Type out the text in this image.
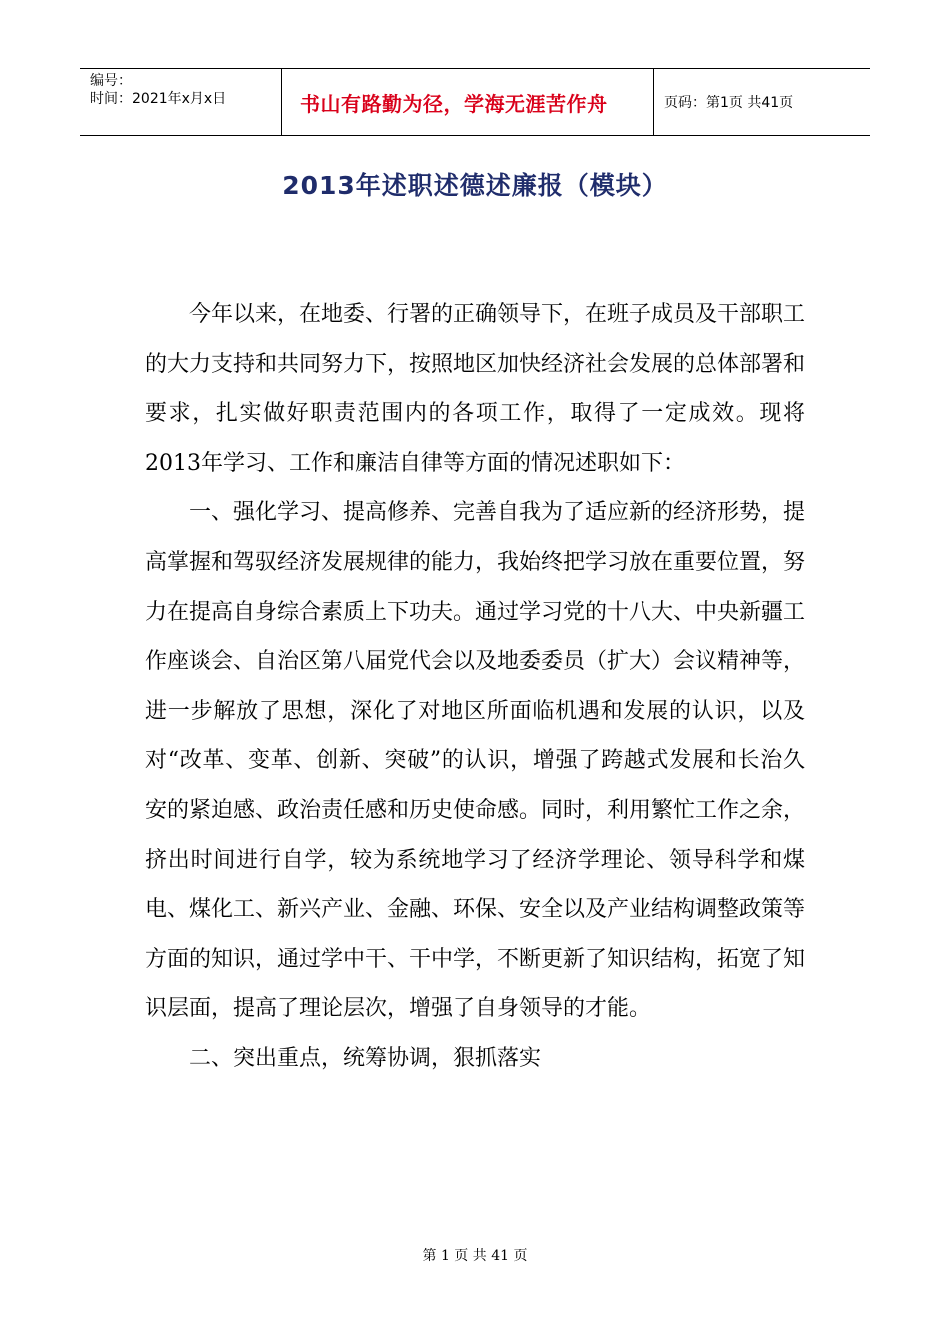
编号：
时间：2021年x月x日	书山有路勤为径，学海无涯苦作舟	页码：第1页 共41页
2013年述职述德述廉报（模块）

今年以来，在地委、行署的正确领导下，在班子成员及干部职工的大力支持和共同努力下，按照地区加快经济社会发展的总体部署和要求，扎实做好职责范围内的各项工作，取得了一定成效。现将2013年学习、工作和廉洁自律等方面的情况述职如下：

一、强化学习、提高修养、完善自我为了适应新的经济形势，提高掌握和驾驭经济发展规律的能力，我始终把学习放在重要位置，努力在提高自身综合素质上下功夫。通过学习党的十八大、中央新疆工作座谈会、自治区第八届党代会以及地委委员（扩大）会议精神等，进一步解放了思想，深化了对地区所面临机遇和发展的认识，以及对“改革、变革、创新、突破”的认识，增强了跨越式发展和长治久安的紧迫感、政治责任感和历史使命感。同时，利用繁忙工作之余，挤出时间进行自学，较为系统地学习了经济学理论、领导科学和煤电、煤化工、新兴产业、金融、环保、安全以及产业结构调整政策等方面的知识，通过学中干、干中学，不断更新了知识结构，拓宽了知识层面，提高了理论层次，增强了自身领导的才能。

二、突出重点，统筹协调，狠抓落实

第 1 页 共 41 页
